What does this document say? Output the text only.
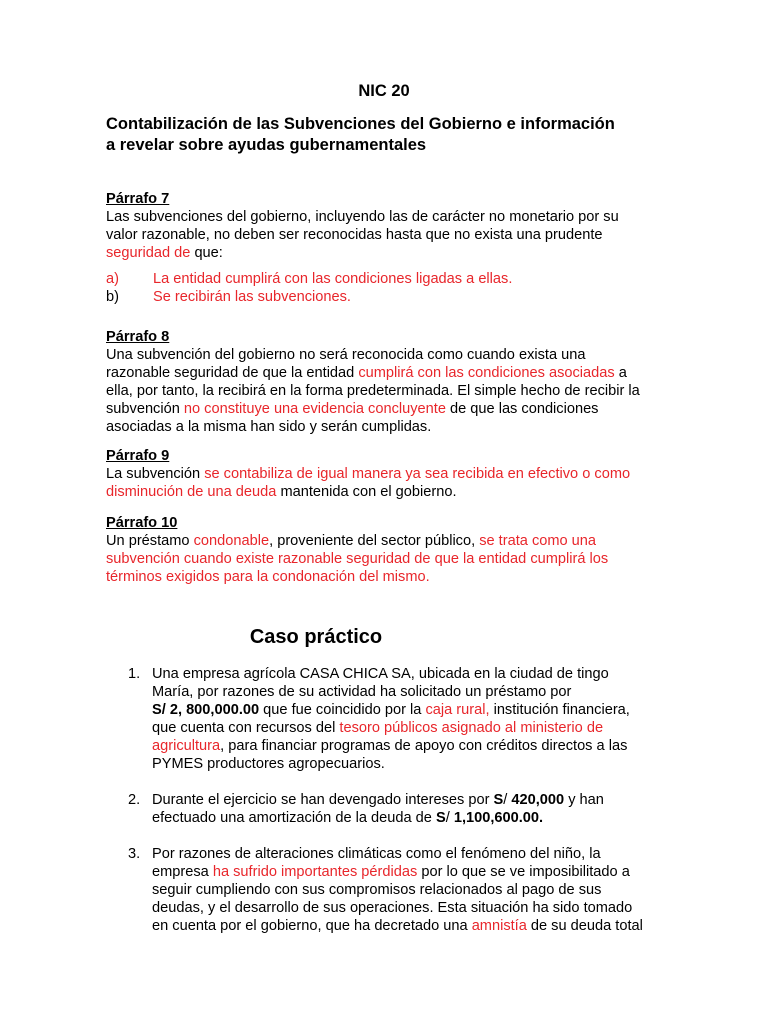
NIC 20
Contabilización de las Subvenciones del Gobierno e información
a revelar sobre ayudas gubernamentales
Párrafo 7
Las subvenciones del gobierno, incluyendo las de carácter no monetario por su
valor razonable, no deben ser reconocidas hasta que no exista una prudente
seguridad de que:
a)	La entidad cumplirá con las condiciones ligadas a ellas.
b)	Se recibirán las subvenciones.
Párrafo 8
Una subvención del gobierno no será reconocida como cuando exista una
razonable seguridad de que la entidad cumplirá con las condiciones asociadas a
ella, por tanto, la recibirá en la forma predeterminada. El simple hecho de recibir la
subvención no constituye una evidencia concluyente de que las condiciones
asociadas a la misma han sido y serán cumplidas.
Párrafo 9
La subvención se contabiliza de igual manera ya sea recibida en efectivo o como
disminución de una deuda mantenida con el gobierno.
Párrafo 10
Un préstamo condonable, proveniente del sector público, se trata como una
subvención cuando existe razonable seguridad de que la entidad cumplirá los
términos exigidos para la condonación del mismo.
Caso práctico
1. Una empresa agrícola CASA CHICA SA, ubicada en la ciudad de tingo
María, por razones de su actividad ha solicitado un préstamo por
S/ 2, 800,000.00 que fue coincidido por la caja rural, institución financiera,
que cuenta con recursos del tesoro públicos asignado al ministerio de
agricultura, para financiar programas de apoyo con créditos directos a las
PYMES productores agropecuarios.
2. Durante el ejercicio se han devengado intereses por S/ 420,000 y han
efectuado una amortización de la deuda de S/ 1,100,600.00.
3. Por razones de alteraciones climáticas como el fenómeno del niño, la
empresa ha sufrido importantes pérdidas por lo que se ve imposibilitado a
seguir cumpliendo con sus compromisos relacionados al pago de sus
deudas, y el desarrollo de sus operaciones. Esta situación ha sido tomado
en cuenta por el gobierno, que ha decretado una amnistía de su deuda total
